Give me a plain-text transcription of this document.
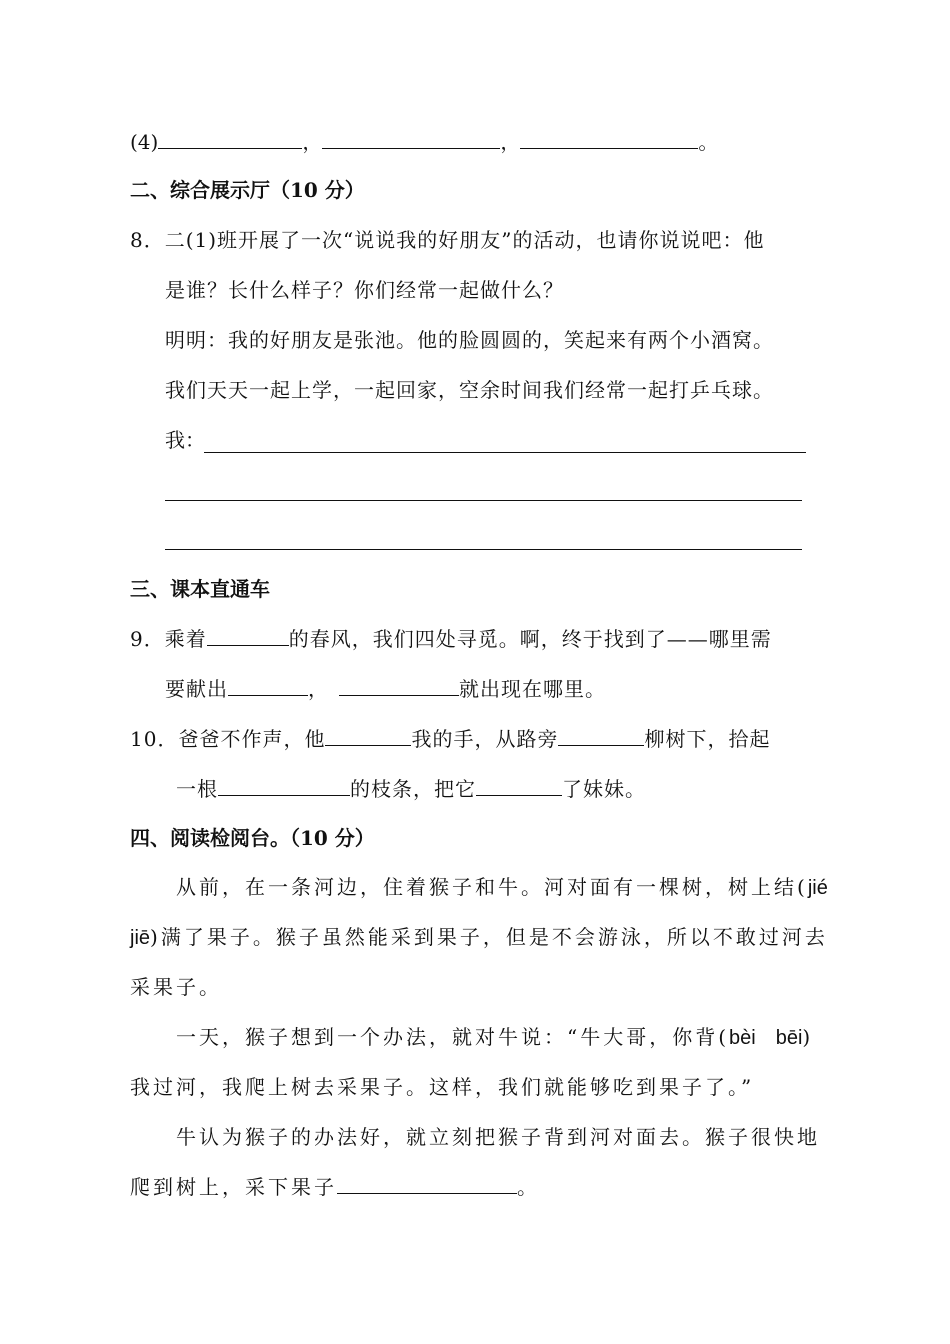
(4)	，	，	。
二、综合展示厅（10 分）
8．二(1)班开展了一次“说说我的好朋友”的活动，也请你说说吧：他
是谁？长什么样子？你们经常一起做什么？
明明：我的好朋友是张池。他的脸圆圆的，笑起来有两个小酒窝。
我们天天一起上学，一起回家，空余时间我们经常一起打乒乓球。
我：
三、课本直通车
9．乘着	的春风，我们四处寻觅。啊，终于找到了——哪里需
要献出	，	就出现在哪里。
10．爸爸不作声，他	我的手，从路旁	柳树下，拾起
一根	的枝条，把它	了妹妹。
四、阅读检阅台。（10 分）
从前，在一条河边，住着猴子和牛。河对面有一棵树，树上结(jié
jiē)满了果子。猴子虽然能采到果子，但是不会游泳，所以不敢过河去
采果子。
一天，猴子想到一个办法，就对牛说：“牛大哥，你背(bèi　bēi)
我过河，我爬上树去采果子。这样，我们就能够吃到果子了。”
牛认为猴子的办法好，就立刻把猴子背到河对面去。猴子很快地
爬到树上，采下果子	。
